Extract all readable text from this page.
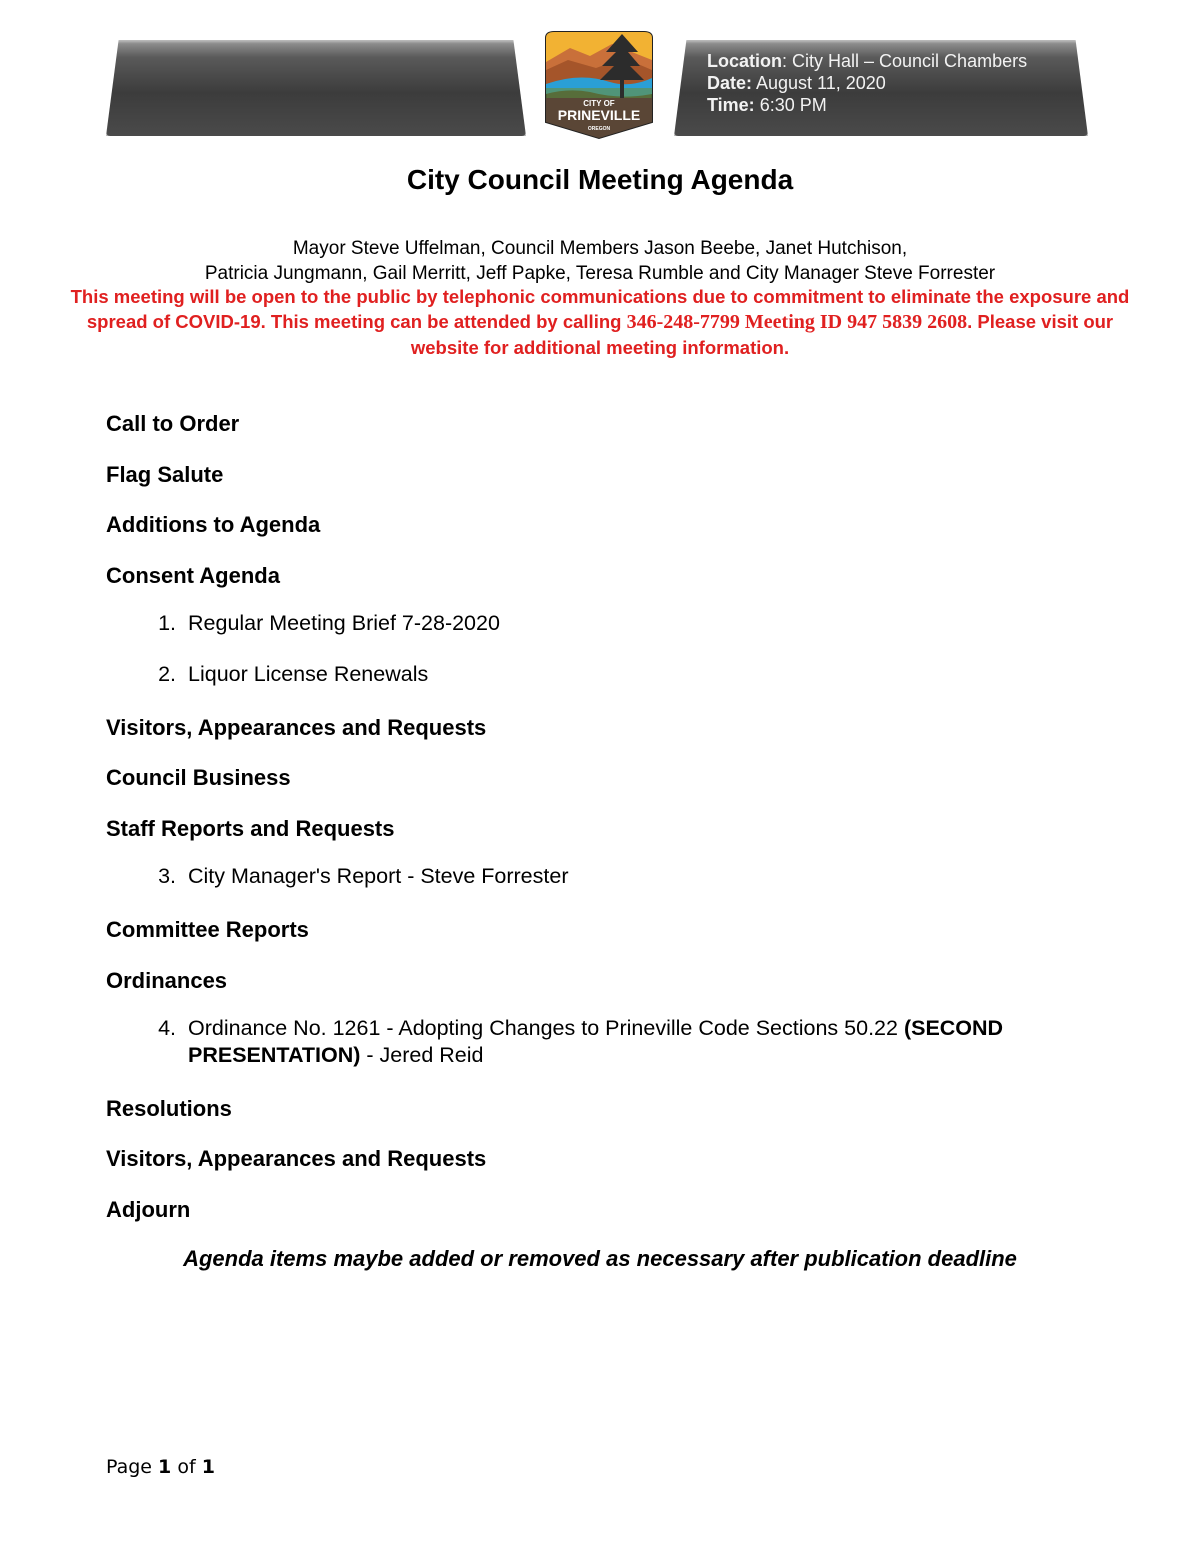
CITY OF
PRINEVILLE
OREGON
Location: City Hall – Council Chambers
Date: August 11, 2020
Time: 6:30 PM
City Council Meeting Agenda
Mayor Steve Uffelman, Council Members Jason Beebe, Janet Hutchison,
Patricia Jungmann, Gail Merritt, Jeff Papke, Teresa Rumble and City Manager Steve Forrester
This meeting will be open to the public by telephonic communications due to commitment to eliminate the exposure and spread of COVID-19. This meeting can be attended by calling 346-248-7799 Meeting ID 947 5839 2608. Please visit our website for additional meeting information.
Call to Order
Flag Salute
Additions to Agenda
Consent Agenda
1. Regular Meeting Brief 7-28-2020
2. Liquor License Renewals
Visitors, Appearances and Requests
Council Business
Staff Reports and Requests
3. City Manager's Report - Steve Forrester
Committee Reports
Ordinances
4. Ordinance No. 1261 - Adopting Changes to Prineville Code Sections 50.22 (SECOND PRESENTATION) - Jered Reid
Resolutions
Visitors, Appearances and Requests
Adjourn
Agenda items maybe added or removed as necessary after publication deadline
Page 1 of 1
